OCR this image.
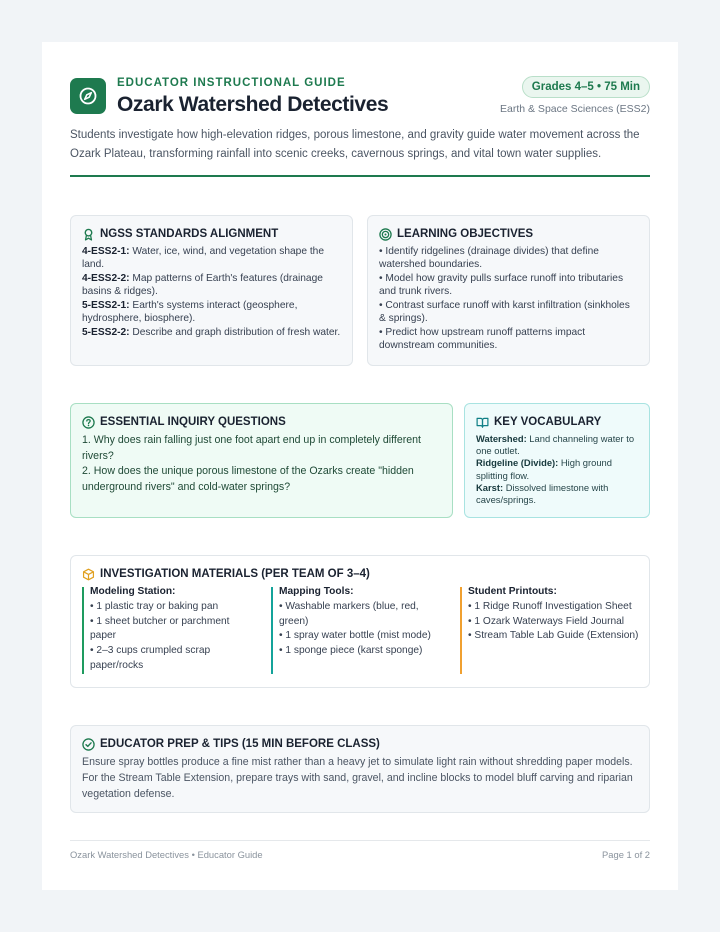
EDUCATOR INSTRUCTIONAL GUIDE
Ozark Watershed Detectives
Grades 4–5 • 75 Min
Earth & Space Sciences (ESS2)
Students investigate how high-elevation ridges, porous limestone, and gravity guide water movement across the Ozark Plateau, transforming rainfall into scenic creeks, cavernous springs, and vital town water supplies.
NGSS STANDARDS ALIGNMENT

4-ESS2-1: Water, ice, wind, and vegetation shape the land.

4-ESS2-2: Map patterns of Earth's features (drainage basins & ridges).

5-ESS2-1: Earth's systems interact (geosphere, hydrosphere, biosphere).

5-ESS2-2: Describe and graph distribution of fresh water.

LEARNING OBJECTIVES

• Identify ridgelines (drainage divides) that define watershed boundaries.

• Model how gravity pulls surface runoff into tributaries and trunk rivers.

• Contrast surface runoff with karst infiltration (sinkholes & springs).

• Predict how upstream runoff patterns impact downstream communities.

ESSENTIAL INQUIRY QUESTIONS
1. Why does rain falling just one foot apart end up in completely different rivers?
2. How does the unique porous limestone of the Ozarks create "hidden underground rivers" and cold-water springs?
KEY VOCABULARY
Watershed: Land channeling water to one outlet.
Ridgeline (Divide): High ground splitting flow.
Karst: Dissolved limestone with caves/springs.
INVESTIGATION MATERIALS (PER TEAM OF 3–4)
Modeling Station:
• 1 plastic tray or baking pan
• 1 sheet butcher or parchment paper
• 2–3 cups crumpled scrap paper/rocks
Mapping Tools:
• Washable markers (blue, red, green)
• 1 spray water bottle (mist mode)
• 1 sponge piece (karst sponge)
Student Printouts:
• 1 Ridge Runoff Investigation Sheet
• 1 Ozark Waterways Field Journal
• Stream Table Lab Guide (Extension)
EDUCATOR PREP & TIPS (15 MIN BEFORE CLASS)
Ensure spray bottles produce a fine mist rather than a heavy jet to simulate light rain without shredding paper models. For the Stream Table Extension, prepare trays with sand, gravel, and incline blocks to model bluff carving and riparian vegetation defense.
Ozark Watershed Detectives • Educator Guide	Page 1 of 2
